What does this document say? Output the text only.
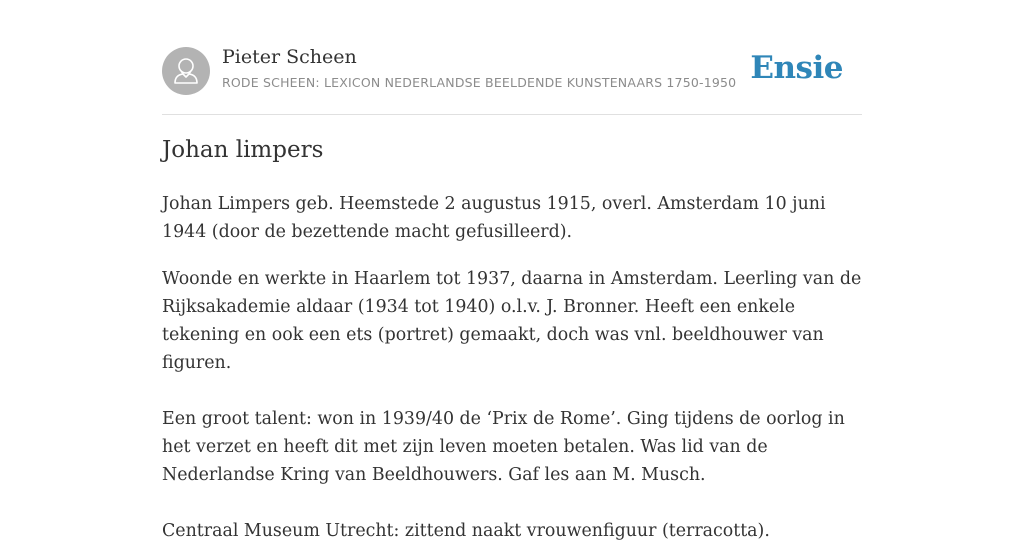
Pieter Scheen
RODE SCHEEN: LEXICON NEDERLANDSE BEELDENDE KUNSTENAARS 1750-1950 Ensie
Johan limpers

Johan Limpers geb. Heemstede 2 augustus 1915, overl. Amsterdam 10 juni 1944 (door de bezettende macht gefusilleerd).

Woonde en werkte in Haarlem tot 1937, daarna in Amsterdam. Leerling van de Rijksakademie aldaar (1934 tot 1940) o.l.v. J. Bronner. Heeft een enkele tekening en ook een ets (portret) gemaakt, doch was vnl. beeldhouwer van figuren.

Een groot talent: won in 1939/40 de ‘Prix de Rome’. Ging tijdens de oorlog in het verzet en heeft dit met zijn leven moeten betalen. Was lid van de Nederlandse Kring van Beeldhouwers. Gaf les aan M. Musch.

Centraal Museum Utrecht: zittend naakt vrouwenfiguur (terracotta).
